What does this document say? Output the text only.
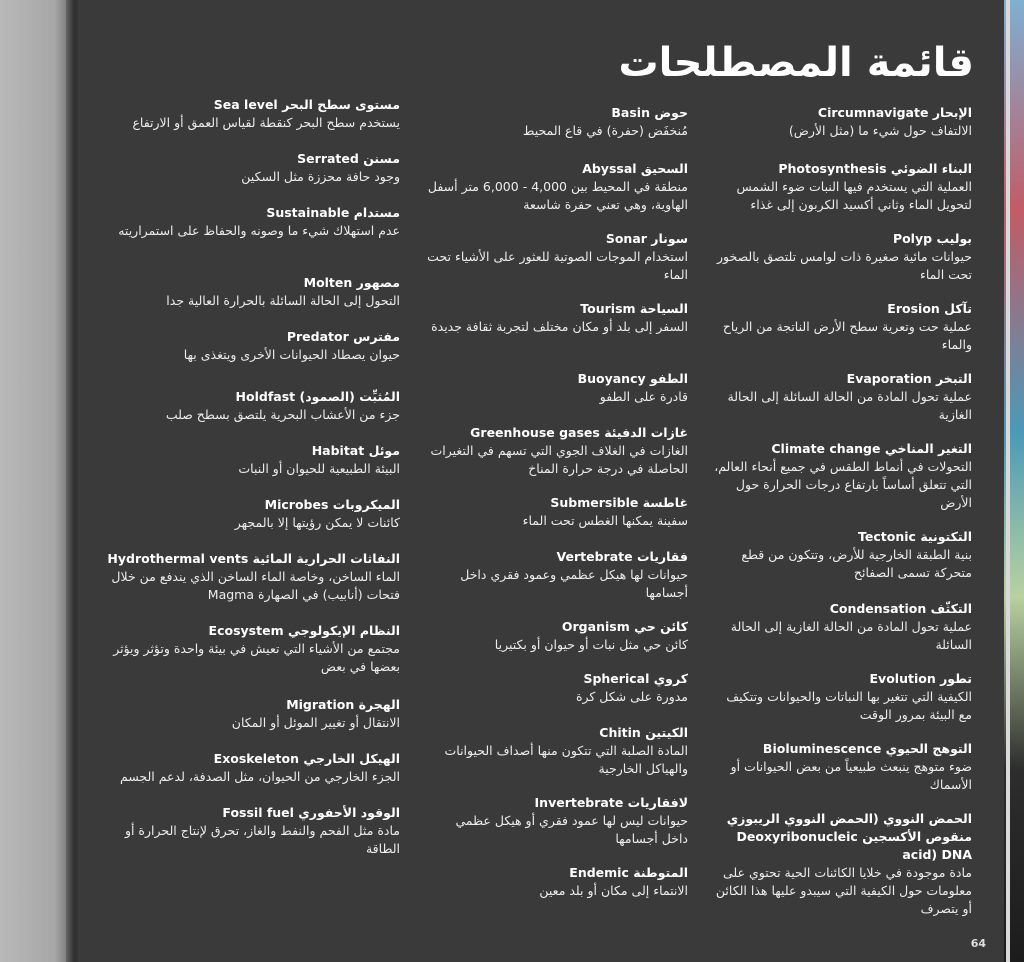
قائمة المصطلحات
الإبحار Circumnavigate
الالتفاف حول شيء ما (مثل الأرض)
البناء الضوئي Photosynthesis
العملية التي يستخدم فيها النبات ضوء الشمس لتحويل الماء وثاني أكسيد الكربون إلى غذاء
بوليب Polyp
حيوانات مائية صغيرة ذات لوامس تلتصق بالصخور تحت الماء
تآكل Erosion
عملية حت وتعرية سطح الأرض الناتجة من الرياح والماء
التبخر Evaporation
عملية تحول المادة من الحالة السائلة إلى الحالة الغازية
التغير المناخي Climate change
التحولات في أنماط الطقس في جميع أنحاء العالم، التي تتعلق أساساً بارتفاع درجات الحرارة حول الأرض
التكتونية Tectonic
بنية الطبقة الخارجية للأرض، وتتكون من قطع متحركة تسمى الصفائح
التكثّف Condensation
عملية تحول المادة من الحالة الغازية إلى الحالة السائلة
تطور Evolution
الكيفية التي تتغير بها النباتات والحيوانات وتتكيف مع البيئة بمرور الوقت
التوهج الحيوي Bioluminescence
ضوء متوهج ينبعث طبيعياً من بعض الحيوانات أو الأسماك
الحمض النووي (الحمض النووي الريبوزي منقوص الأكسجين Deoxyribonucleic acid) DNA
مادة موجودة في خلايا الكائنات الحية تحتوي على معلومات حول الكيفية التي سيبدو عليها هذا الكائن أو يتصرف
حوض Basin
مُنخفَض (حفرة) في قاع المحيط
السحيق Abyssal
منطقة في المحيط بين 4,000 - 6,000 متر أسفل الهاوية، وهي تعني حفرة شاسعة
سونار Sonar
استخدام الموجات الصوتية للعثور على الأشياء تحت الماء
السياحة Tourism
السفر إلى بلد أو مكان مختلف لتجربة ثقافة جديدة
الطفو Buoyancy
قادرة على الطفو
غازات الدفيئة Greenhouse gases
الغازات في الغلاف الجوي التي تسهم في التغيرات الحاصلة في درجة حرارة المناخ
غاطسة Submersible
سفينة يمكنها الغطس تحت الماء
فقاريات Vertebrate
حيوانات لها هيكل عظمي وعمود فقري داخل أجسامها
كائن حي Organism
كائن حي مثل نبات أو حيوان أو بكتيريا
كروي Spherical
مدورة على شكل كرة
الكيتين Chitin
المادة الصلبة التي تتكون منها أصداف الحيوانات والهياكل الخارجية
لافقاريات Invertebrate
حيوانات ليس لها عمود فقري أو هيكل عظمي داخل أجسامها
المتوطنة Endemic
الانتماء إلى مكان أو بلد معين
مستوى سطح البحر Sea level
يستخدم سطح البحر كنقطة لقياس العمق أو الارتفاع
مسنن Serrated
وجود حافة محززة مثل السكين
مستدام Sustainable
عدم استهلاك شيء ما وصونه والحفاظ على استمراريته
مصهور Molten
التحول إلى الحالة السائلة بالحرارة العالية جدا
مفترس Predator
حيوان يصطاد الحيوانات الأخرى ويتغذى بها
المُثبِّت (الصمود) Holdfast
جزء من الأعشاب البحرية يلتصق بسطح صلب
موئل Habitat
البيئة الطبيعية للحيوان أو النبات
الميكروبات Microbes
كائنات لا يمكن رؤيتها إلا بالمجهر
النفاثات الحرارية المائية Hydrothermal vents
الماء الساخن، وخاصة الماء الساخن الذي يندفع من خلال فتحات (أنابيب) في الصهارة Magma
النظام الإيكولوجي Ecosystem
مجتمع من الأشياء التي تعيش في بيئة واحدة وتؤثر ويؤثر بعضها في بعض
الهجرة Migration
الانتقال أو تغيير الموئل أو المكان
الهيكل الخارجي Exoskeleton
الجزء الخارجي من الحيوان، مثل الصدفة، لدعم الجسم
الوقود الأحفوري Fossil fuel
مادة مثل الفحم والنفط والغاز، تحرق لإنتاج الحرارة أو الطاقة
64
